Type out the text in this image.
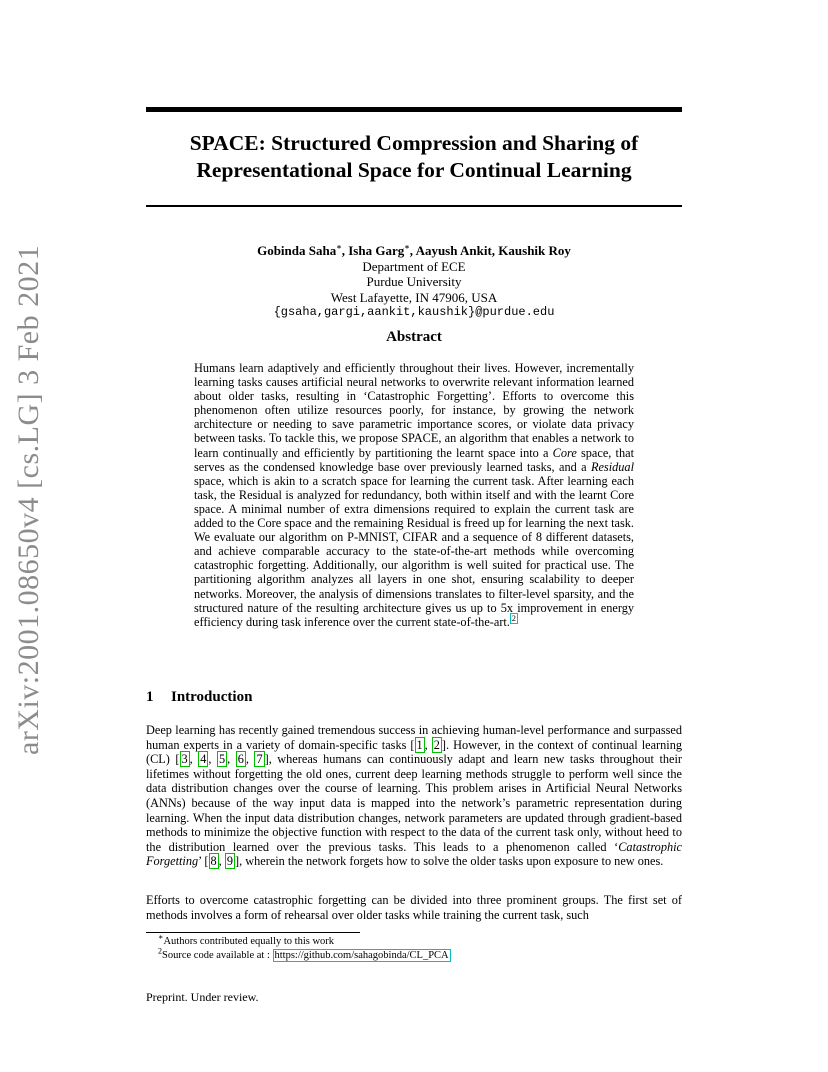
arXiv:2001.08650v4 [cs.LG] 3 Feb 2021
SPACE: Structured Compression and Sharing of
Representational Space for Continual Learning
Gobinda Saha∗, Isha Garg∗, Aayush Ankit, Kaushik Roy
Department of ECE
Purdue University
West Lafayette, IN 47906, USA
{gsaha,gargi,aankit,kaushik}@purdue.edu
Abstract
Humans learn adaptively and efficiently throughout their lives. However, incrementally learning tasks causes artificial neural networks to overwrite relevant information learned about older tasks, resulting in ‘Catastrophic Forgetting’. Efforts to overcome this phenomenon often utilize resources poorly, for instance, by growing the network architecture or needing to save parametric importance scores, or violate data privacy between tasks. To tackle this, we propose SPACE, an algorithm that enables a network to learn continually and efficiently by partitioning the learnt space into a Core space, that serves as the condensed knowledge base over previously learned tasks, and a Residual space, which is akin to a scratch space for learning the current task. After learning each task, the Residual is analyzed for redundancy, both within itself and with the learnt Core space. A minimal number of extra dimensions required to explain the current task are added to the Core space and the remaining Residual is freed up for learning the next task. We evaluate our algorithm on P-MNIST, CIFAR and a sequence of 8 different datasets, and achieve comparable accuracy to the state-of-the-art methods while overcoming catastrophic forgetting. Additionally, our algorithm is well suited for practical use. The partitioning algorithm analyzes all layers in one shot, ensuring scalability to deeper networks. Moreover, the analysis of dimensions translates to filter-level sparsity, and the structured nature of the resulting architecture gives us up to 5x improvement in energy efficiency during task inference over the current state-of-the-art. $^2$
1 Introduction
Deep learning has recently gained tremendous success in achieving human-level performance and surpassed human experts in a variety of domain-specific tasks [ 1 , 2 ]. However, in the context of continual learning (CL) [ 3 , 4 , 5 , 6 , 7 ], whereas humans can continuously adapt and learn new tasks throughout their lifetimes without forgetting the old ones, current deep learning methods struggle to perform well since the data distribution changes over the course of learning. This problem arises in Artificial Neural Networks (ANNs) because of the way input data is mapped into the network’s parametric representation during learning. When the input data distribution changes, network parameters are updated through gradient-based methods to minimize the objective function with respect to the data of the current task only, without heed to the distribution learned over the previous tasks. This leads to a phenomenon called ‘Catastrophic Forgetting’ [ 8 , 9 ], wherein the network forgets how to solve the older tasks upon exposure to new ones.
Efforts to overcome catastrophic forgetting can be divided into three prominent groups. The first set of methods involves a form of rehearsal over older tasks while training the current task, such
∗Authors contributed equally to this work
$^2$Source code available at : https://github.com/sahagobinda/CL_PCA
Preprint. Under review.
